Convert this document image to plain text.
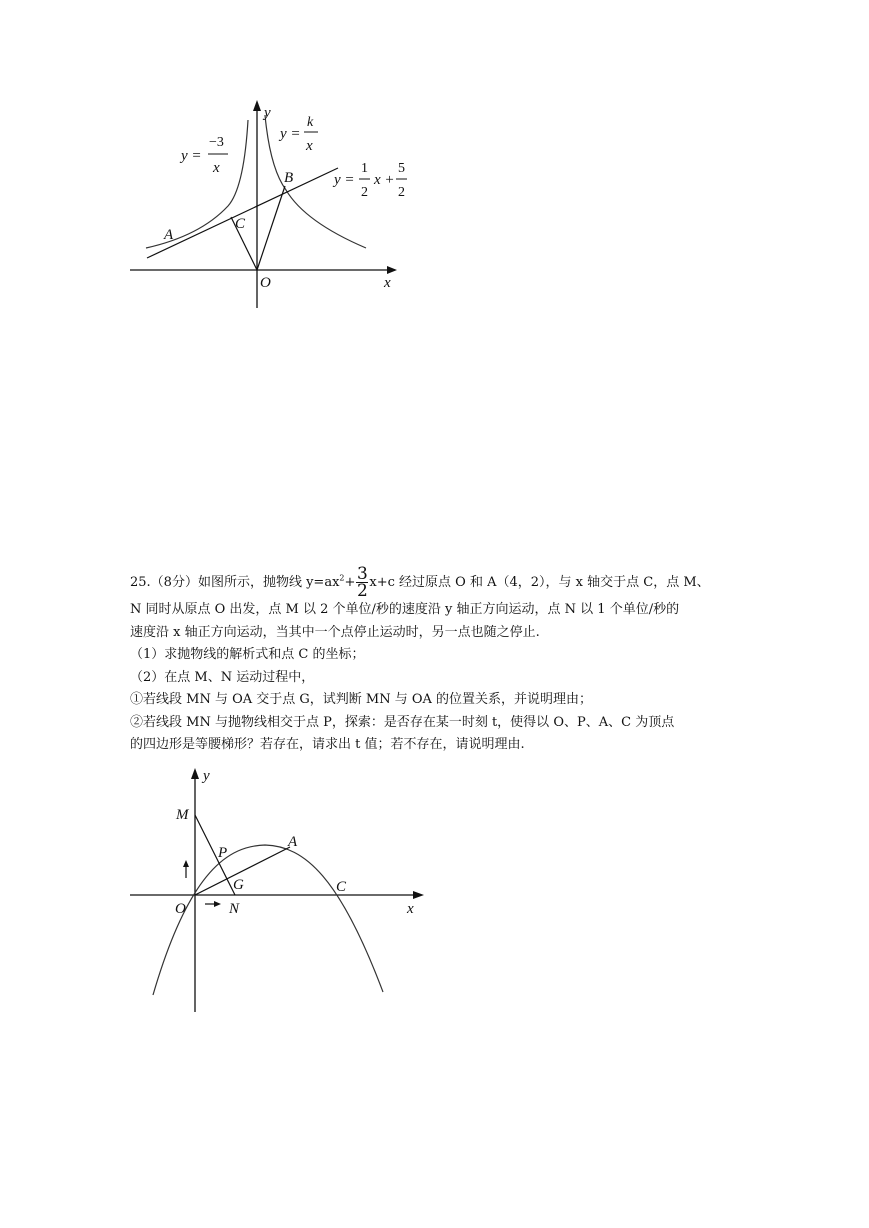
y
x
A
B
C
O
y =
−3
x
y =
k
x
y =
1
2
x +
5
2

25.（8分）如图所示，抛物线 $y=ax^2+ \frac{3}{2} x+c$ 经过原点 O 和 A（4，2），与 x 轴交于点 C，点 M、

N 同时从原点 O 出发，点 M 以 2 个单位/秒的速度沿 y 轴正方向运动，点 N 以 1 个单位/秒的

速度沿 x 轴正方向运动，当其中一个点停止运动时，另一点也随之停止.

（1）求抛物线的解析式和点 C 的坐标；

（2）在点 M、N 运动过程中，

①若线段 MN 与 OA 交于点 G，试判断 MN 与 OA 的位置关系，并说明理由；

②若线段 MN 与抛物线相交于点 P，探索：是否存在某一时刻 t，使得以 O、P、A、C 为顶点

的四边形是等腰梯形？若存在，请求出 t 值；若不存在，请说明理由.

y
x
M
P
A
G	C
O	N
